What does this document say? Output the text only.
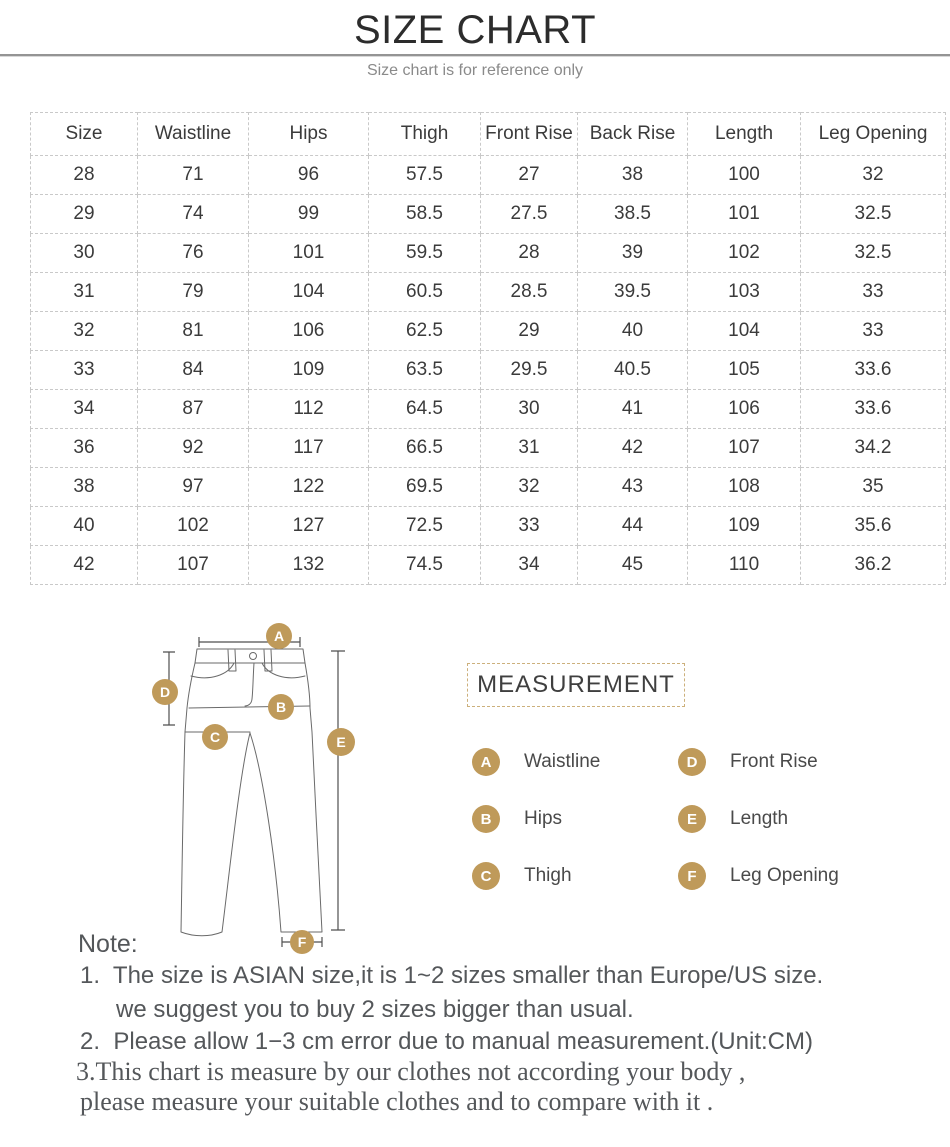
SIZE CHART

Size chart is for reference only

Size	Waistline	Hips	Thigh	Front Rise	Back Rise	Length	Leg Opening
28	71	96	57.5	27	38	100	32
29	74	99	58.5	27.5	38.5	101	32.5
30	76	101	59.5	28	39	102	32.5
31	79	104	60.5	28.5	39.5	103	33
32	81	106	62.5	29	40	104	33
33	84	109	63.5	29.5	40.5	105	33.6
34	87	112	64.5	30	41	106	33.6
36	92	117	66.5	31	42	107	34.2
38	97	122	69.5	32	43	108	35
40	102	127	72.5	33	44	109	35.6
42	107	132	74.5	34	45	110	36.2
A
B
C
D
E
F
MEASUREMENT
A	Waistline
B	Hips
C	Thigh
D	Front Rise
E	Length
F	Leg Opening
Note:
1.  The size is ASIAN size,it is 1~2 sizes smaller than Europe/US size.
we suggest you to buy 2 sizes bigger than usual.
2.  Please allow 1−3 cm error due to manual measurement.(Unit:CM)
3.This chart is measure by our clothes not according your body ,
please measure your suitable clothes and to compare with it .
